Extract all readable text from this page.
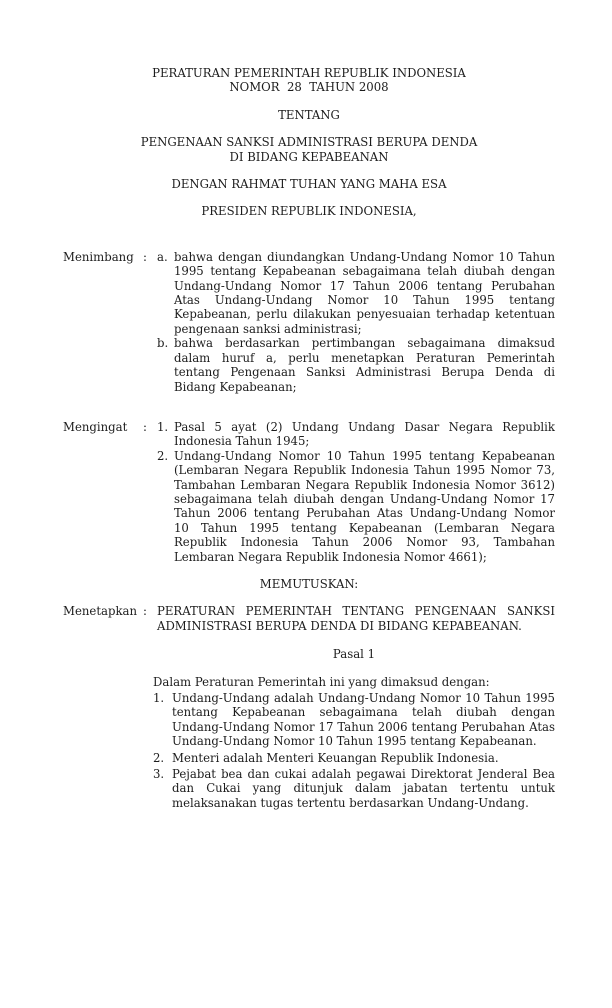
PERATURAN PEMERINTAH REPUBLIK INDONESIA
NOMOR  28  TAHUN 2008
TENTANG
PENGENAAN SANKSI ADMINISTRASI BERUPA DENDA
DI BIDANG KEPABEANAN
DENGAN RAHMAT TUHAN YANG MAHA ESA
PRESIDEN REPUBLIK INDONESIA,
Menimbang : a. bahwa dengan diundangkan Undang-Undang Nomor 10 Tahun 1995 tentang Kepabeanan sebagaimana telah diubah dengan Undang-Undang Nomor 17 Tahun 2006 tentang Perubahan Atas Undang-Undang Nomor 10 Tahun 1995 tentang Kepabeanan, perlu dilakukan penyesuaian terhadap ketentuan pengenaan sanksi administrasi;
b. bahwa berdasarkan pertimbangan sebagaimana dimaksud dalam huruf a, perlu menetapkan Peraturan Pemerintah tentang Pengenaan Sanksi Administrasi Berupa Denda di Bidang Kepabeanan;
Mengingat	: 1. Pasal 5 ayat (2) Undang Undang Dasar Negara Republik Indonesia Tahun 1945;
2. Undang-Undang Nomor 10 Tahun 1995 tentang Kepabeanan (Lembaran Negara Republik Indonesia Tahun 1995 Nomor 73, Tambahan Lembaran Negara Republik Indonesia Nomor 3612) sebagaimana telah diubah dengan Undang-Undang Nomor 17 Tahun 2006 tentang Perubahan Atas Undang-Undang Nomor 10 Tahun 1995 tentang Kepabeanan (Lembaran Negara Republik Indonesia Tahun 2006 Nomor 93, Tambahan Lembaran Negara Republik Indonesia Nomor 4661);
MEMUTUSKAN:
Menetapkan : PERATURAN PEMERINTAH TENTANG PENGENAAN SANKSI ADMINISTRASI BERUPA DENDA DI BIDANG KEPABEANAN.
Pasal 1
Dalam Peraturan Pemerintah ini yang dimaksud dengan:
1. Undang-Undang adalah Undang-Undang Nomor 10 Tahun 1995 tentang Kepabeanan sebagaimana telah diubah dengan Undang-Undang Nomor 17 Tahun 2006 tentang Perubahan Atas Undang-Undang Nomor 10 Tahun 1995 tentang Kepabeanan.
2. Menteri adalah Menteri Keuangan Republik Indonesia.
3. Pejabat bea dan cukai adalah pegawai Direktorat Jenderal Bea dan Cukai yang ditunjuk dalam jabatan tertentu untuk melaksanakan tugas tertentu berdasarkan Undang-Undang.
